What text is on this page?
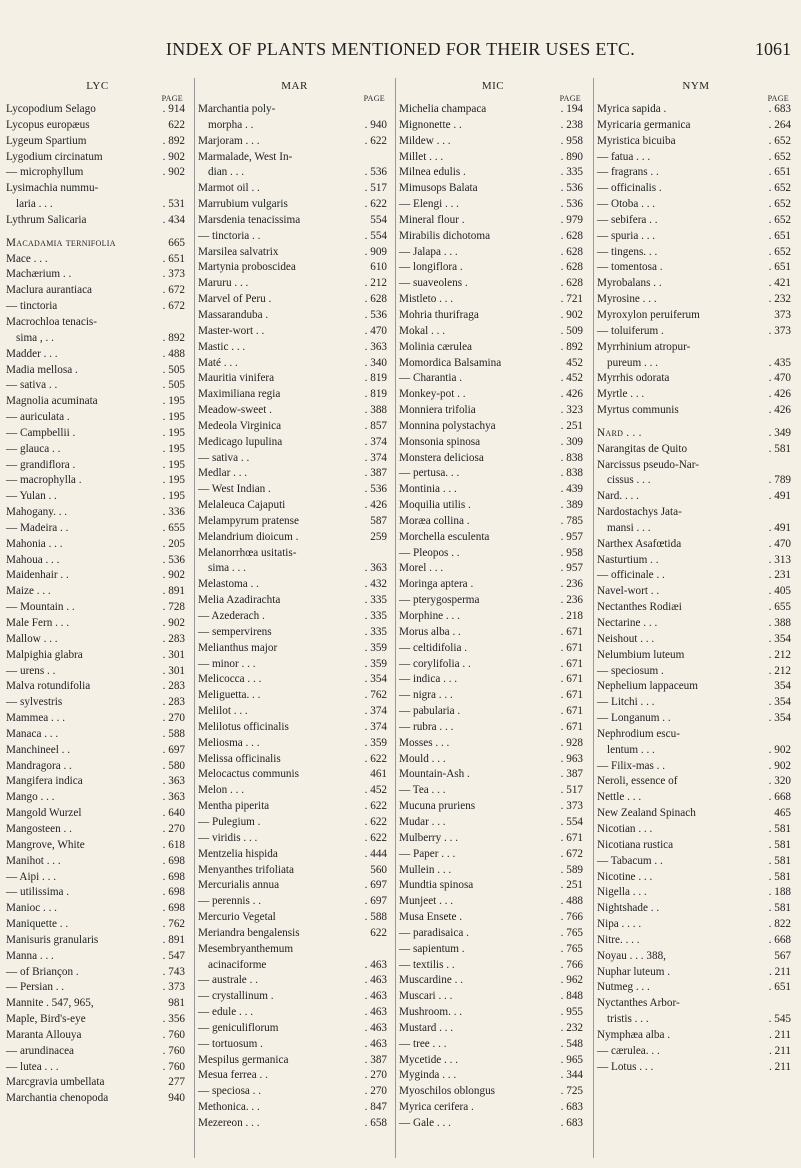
INDEX OF PLANTS MENTIONED FOR THEIR USES ETC.	1061
LYC
PAGE
Lycopodium Selago	. 914
Lycopus europæus	622
Lygeum Spartium	. 892
Lygodium circinatum	. 902
— microphyllum	. 902
Lysimachia nummu-
laria . . .	. 531
Lythrum Salicaria	. 434
Macadamia ternifolia	665
Mace . . .	. 651
Machærium . .	. 373
Maclura aurantiaca	. 672
— tinctoria	. 672
Macrochloa tenacis-
sima , . .	. 892
Madder . . .	. 488
Madia mellosa .	. 505
— sativa . .	. 505
Magnolia acuminata	. 195
— auriculata .	. 195
— Campbellii .	. 195
— glauca . .	. 195
— grandiflora .	. 195
— macrophylla .	. 195
— Yulan . .	. 195
Mahogany. . .	. 336
— Madeira . .	. 655
Mahonia . . .	. 205
Mahoua . . .	. 536
Maidenhair . .	. 902
Maize . . .	. 891
— Mountain . .	. 728
Male Fern . . .	. 902
Mallow . . .	. 283
Malpighia glabra	. 301
— urens . .	. 301
Malva rotundifolia	. 283
— sylvestris	. 283
Mammea . . .	. 270
Manaca . . .	. 588
Manchineel . .	. 697
Mandragora . .	. 580
Mangifera indica	. 363
Mango . . .	. 363
Mangold Wurzel	. 640
Mangosteen . .	. 270
Mangrove, White	. 618
Manihot . . .	. 698
— Aipi . . .	. 698
— utilissima .	. 698
Manioc . . .	. 698
Maniquette . .	. 762
Manisuris granularis	. 891
Manna . . .	. 547
— of Briançon .	. 743
— Persian . .	. 373
Mannite . 547, 965,	981
Maple, Bird's-eye	. 356
Maranta Allouya	. 760
— arundinacea	. 760
— lutea . . .	. 760
Marcgravia umbellata	277
Marchantia chenopoda	940
MAR
PAGE
Marchantia poly-
morpha . .	. 940
Marjoram . . .	. 622
Marmalade, West In-
dian . . .	. 536
Marmot oil . .	. 517
Marrubium vulgaris	. 622
Marsdenia tenacissima	554
— tinctoria . .	. 554
Marsilea salvatrix	. 909
Martynia proboscidea	610
Maruru . . .	. 212
Marvel of Peru .	. 628
Massaranduba .	. 536
Master-wort . .	. 470
Mastic . . .	. 363
Maté . . .	. 340
Mauritia vinifera	. 819
Maximiliana regia	. 819
Meadow-sweet .	. 388
Medeola Virginica	. 857
Medicago lupulina	. 374
— sativa . .	. 374
Medlar . . .	. 387
— West Indian .	. 536
Melaleuca Cajaputi	. 426
Melampyrum pratense	587
Melandrium dioicum .	259
Melanorrhœa usitatis-
sima . . .	. 363
Melastoma . .	. 432
Melia Azadirachta	. 335
— Azederach .	. 335
— sempervirens	. 335
Melianthus major	. 359
— minor . . .	. 359
Melicocca . . .	. 354
Meliguetta. . .	. 762
Melilot . . .	. 374
Melilotus officinalis	. 374
Meliosma . . .	. 359
Melissa officinalis	. 622
Melocactus communis	461
Melon . . .	. 452
Mentha piperita	. 622
— Pulegium .	. 622
— viridis . . .	. 622
Mentzelia hispida	. 444
Menyanthes trifoliata	560
Mercurialis annua	. 697
— perennis . .	. 697
Mercurio Vegetal	. 588
Meriandra bengalensis	622
Mesembryanthemum
acinaciforme	. 463
— australe . .	. 463
— crystallinum .	. 463
— edule . . .	. 463
— geniculiflorum	. 463
— tortuosum .	. 463
Mespilus germanica	. 387
Mesua ferrea . .	. 270
— speciosa . .	. 270
Methonica. . .	. 847
Mezereon . . .	. 658
MIC
PAGE
Michelia champaca	. 194
Mignonette . .	. 238
Mildew . . .	. 958
Millet . . .	. 890
Milnea edulis .	. 335
Mimusops Balata	. 536
— Elengi . . .	. 536
Mineral flour .	. 979
Mirabilis dichotoma	. 628
— Jalapa . . .	. 628
— longiflora .	. 628
— suaveolens .	. 628
Mistleto . . .	. 721
Mohria thurifraga	. 902
Mokal . . .	. 509
Molinia cærulea	. 892
Momordica Balsamina	452
— Charantia .	. 452
Monkey-pot . .	. 426
Monniera trifolia	. 323
Monnina polystachya	. 251
Monsonia spinosa	. 309
Monstera deliciosa	. 838
— pertusa. . .	. 838
Montinia . . .	. 439
Moquilia utilis .	. 389
Moræa collina .	. 785
Morchella esculenta	. 957
— Pleopos . .	. 958
Morel . . .	. 957
Moringa aptera .	. 236
— pterygosperma	. 236
Morphine . . .	. 218
Morus alba . .	. 671
— celtidifolia .	. 671
— corylifolia . .	. 671
— indica . . .	. 671
— nigra . . .	. 671
— pabularia .	. 671
— rubra . . .	. 671
Mosses . . .	. 928
Mould . . .	. 963
Mountain-Ash .	. 387
— Tea . . .	. 517
Mucuna pruriens	. 373
Mudar . . .	. 554
Mulberry . . .	. 671
— Paper . . .	. 672
Mullein . . .	. 589
Mundtia spinosa	. 251
Munjeet . . .	. 488
Musa Ensete .	. 766
— paradisaica .	. 765
— sapientum .	. 765
— textilis . .	. 766
Muscardine . .	. 962
Muscari . . .	. 848
Mushroom. . .	. 955
Mustard . . .	. 232
— tree . . .	. 548
Mycetide . . .	. 965
Myginda . . .	. 344
Myoschilos oblongus	. 725
Myrica cerifera .	. 683
— Gale . . .	. 683
NYM
PAGE
Myrica sapida .	. 683
Myricaria germanica	. 264
Myristica bicuiba	. 652
— fatua . . .	. 652
— fragrans . .	. 651
— officinalis .	. 652
— Otoba . . .	. 652
— sebifera . .	. 652
— spuria . . .	. 651
— tingens. . .	. 652
— tomentosa .	. 651
Myrobalans . .	. 421
Myrosine . . .	. 232
Myroxylon peruiferum	373
— toluiferum .	. 373
Myrrhinium atropur-
pureum . . .	. 435
Myrrhis odorata	. 470
Myrtle . . .	. 426
Myrtus communis	. 426
Nard . . .	. 349
Narangitas de Quito	. 581
Narcissus pseudo-Nar-
cissus . . .	. 789
Nard. . . .	. 491
Nardostachys Jata-
mansi . . .	. 491
Narthex Asafœtida	. 470
Nasturtium . .	. 313
— officinale . .	. 231
Navel-wort . .	. 405
Nectanthes Rodiæi	. 655
Nectarine . . .	. 388
Neishout . . .	. 354
Nelumbium luteum	. 212
— speciosum .	. 212
Nephelium lappaceum	354
— Litchi . . .	. 354
— Longanum . .	. 354
Nephrodium escu-
lentum . . .	. 902
— Filix-mas . .	. 902
Neroli, essence of	. 320
Nettle . . .	. 668
New Zealand Spinach	465
Nicotian . . .	. 581
Nicotiana rustica	. 581
— Tabacum . .	. 581
Nicotine . . .	. 581
Nigella . . .	. 188
Nightshade . .	. 581
Nipa . . . .	. 822
Nitre. . . .	. 668
Noyau . . . 388,	567
Nuphar luteum .	. 211
Nutmeg . . .	. 651
Nyctanthes Arbor-
tristis . . .	. 545
Nymphæa alba .	. 211
— cærulea. . .	. 211
— Lotus . . .	. 211
